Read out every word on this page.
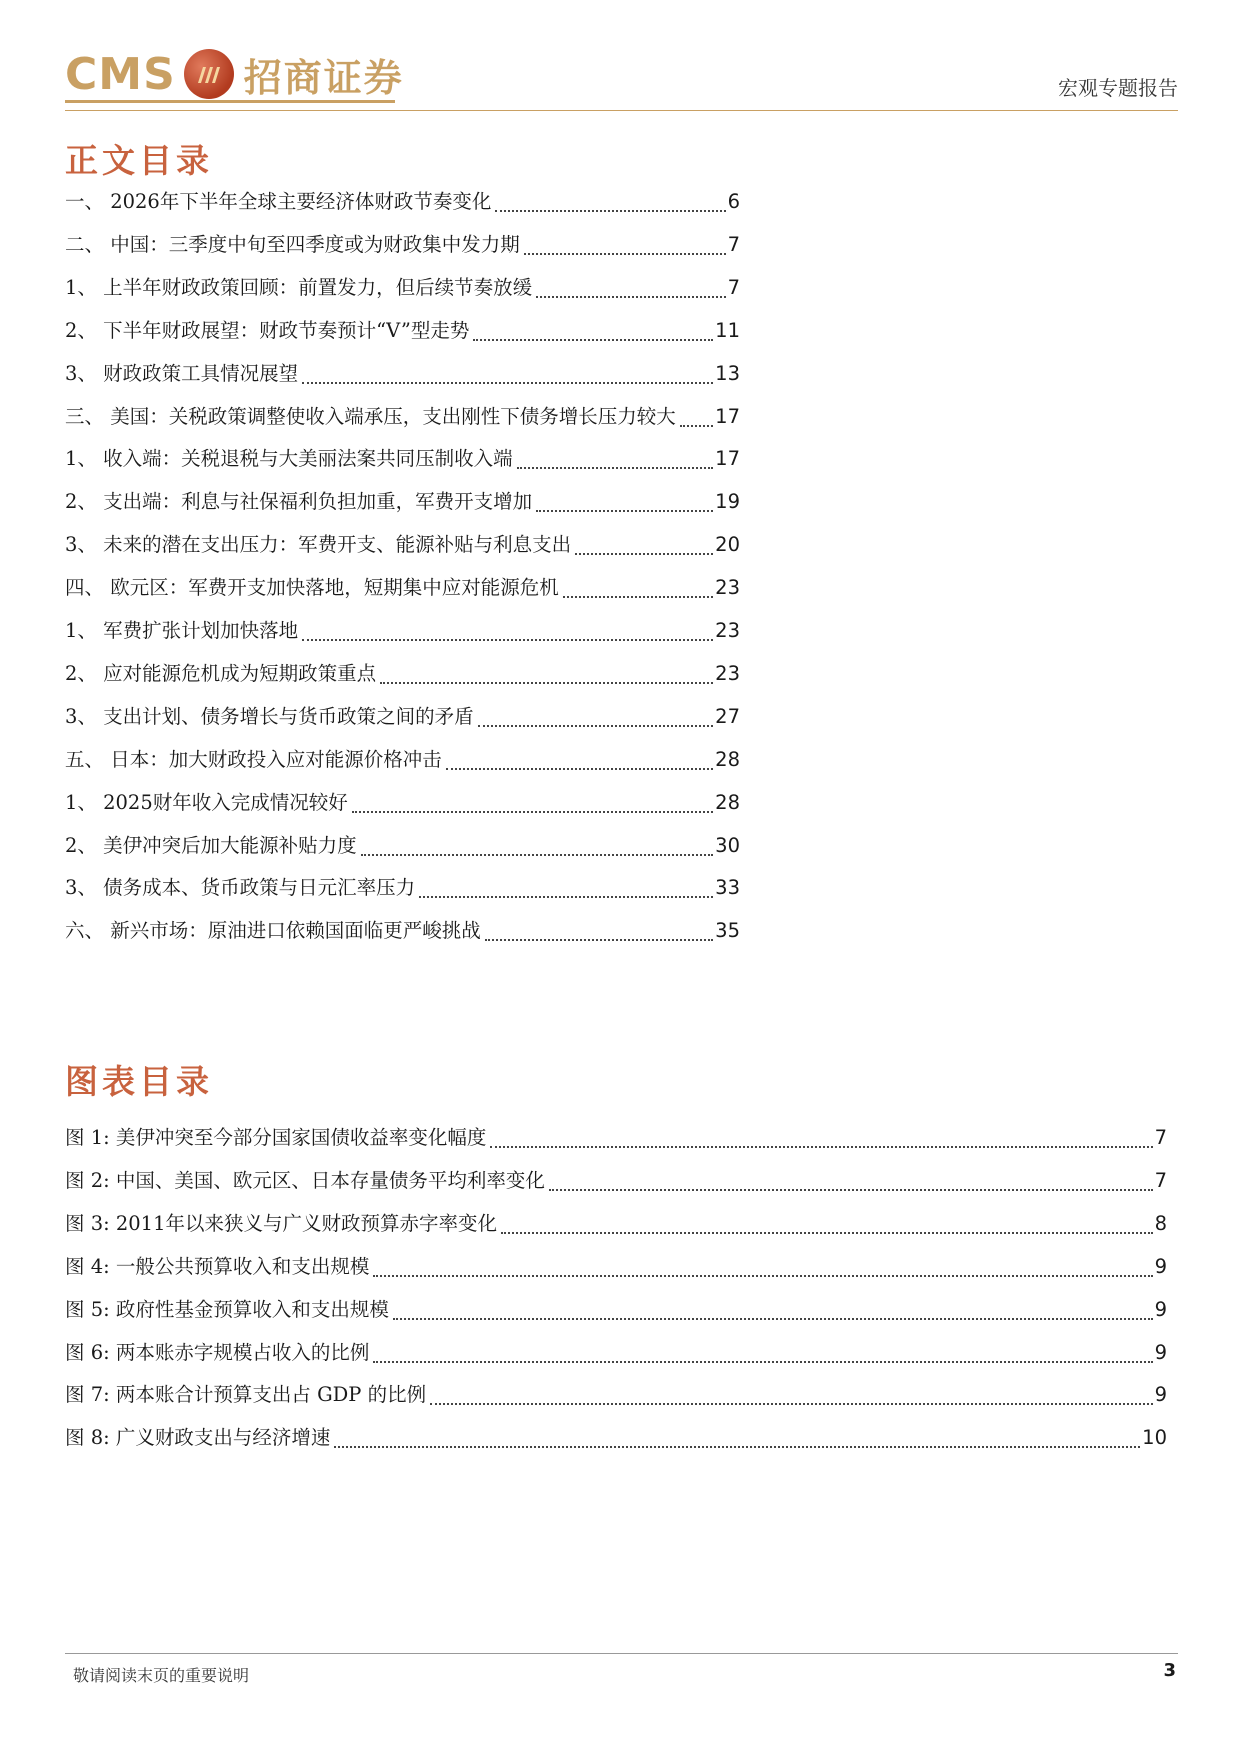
CMS 招商证券	宏观专题报告
正文目录
一、 2026年下半年全球主要经济体财政节奏变化	6
二、 中国：三季度中旬至四季度或为财政集中发力期	7
1、 上半年财政政策回顾：前置发力，但后续节奏放缓	7
2、 下半年财政展望：财政节奏预计“V”型走势	11
3、 财政政策工具情况展望	13
三、 美国：关税政策调整使收入端承压，支出刚性下债务增长压力较大 17
1、 收入端：关税退税与大美丽法案共同压制收入端	17
2、 支出端：利息与社保福利负担加重，军费开支增加	19
3、 未来的潜在支出压力：军费开支、能源补贴与利息支出	20
四、 欧元区：军费开支加快落地，短期集中应对能源危机	23
1、 军费扩张计划加快落地	23
2、 应对能源危机成为短期政策重点	23
3、 支出计划、债务增长与货币政策之间的矛盾	27
五、 日本：加大财政投入应对能源价格冲击	28
1、 2025财年收入完成情况较好	28
2、 美伊冲突后加大能源补贴力度	30
3、 债务成本、货币政策与日元汇率压力	33
六、 新兴市场：原油进口依赖国面临更严峻挑战	35
图表目录
图 1: 美伊冲突至今部分国家国债收益率变化幅度	7
图 2: 中国、美国、欧元区、日本存量债务平均利率变化	7
图 3: 2011年以来狭义与广义财政预算赤字率变化	8
图 4: 一般公共预算收入和支出规模	9
图 5: 政府性基金预算收入和支出规模	9
图 6: 两本账赤字规模占收入的比例	9
图 7: 两本账合计预算支出占 GDP 的比例	9
图 8: 广义财政支出与经济增速	10
敬请阅读末页的重要说明	3
